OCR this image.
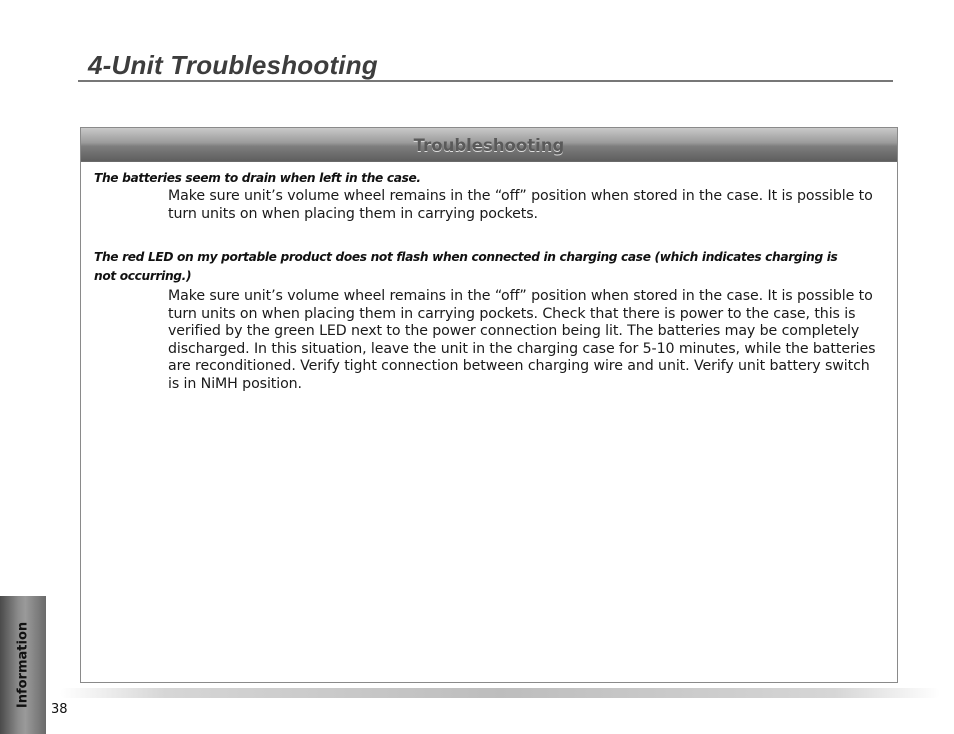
4-Unit Troubleshooting
Troubleshooting
The batteries seem to drain when left in the case.
Make sure unit’s volume wheel remains in the “off” position when stored in the case. It is possible to turn units on when placing them in carrying pockets.
The red LED on my portable product does not flash when connected in charging case (which indicates charging is not occurring.)
Make sure unit’s volume wheel remains in the “off” position when stored in the case. It is possible to turn units on when placing them in carrying pockets. Check that there is power to the case, this is verified by the green LED next to the power connection being lit. The batteries may be completely discharged. In this situation, leave the unit in the charging case for 5-10 minutes, while the batteries are reconditioned. Verify tight connection between charging wire and unit. Verify unit battery switch is in NiMH position.
Information
38
